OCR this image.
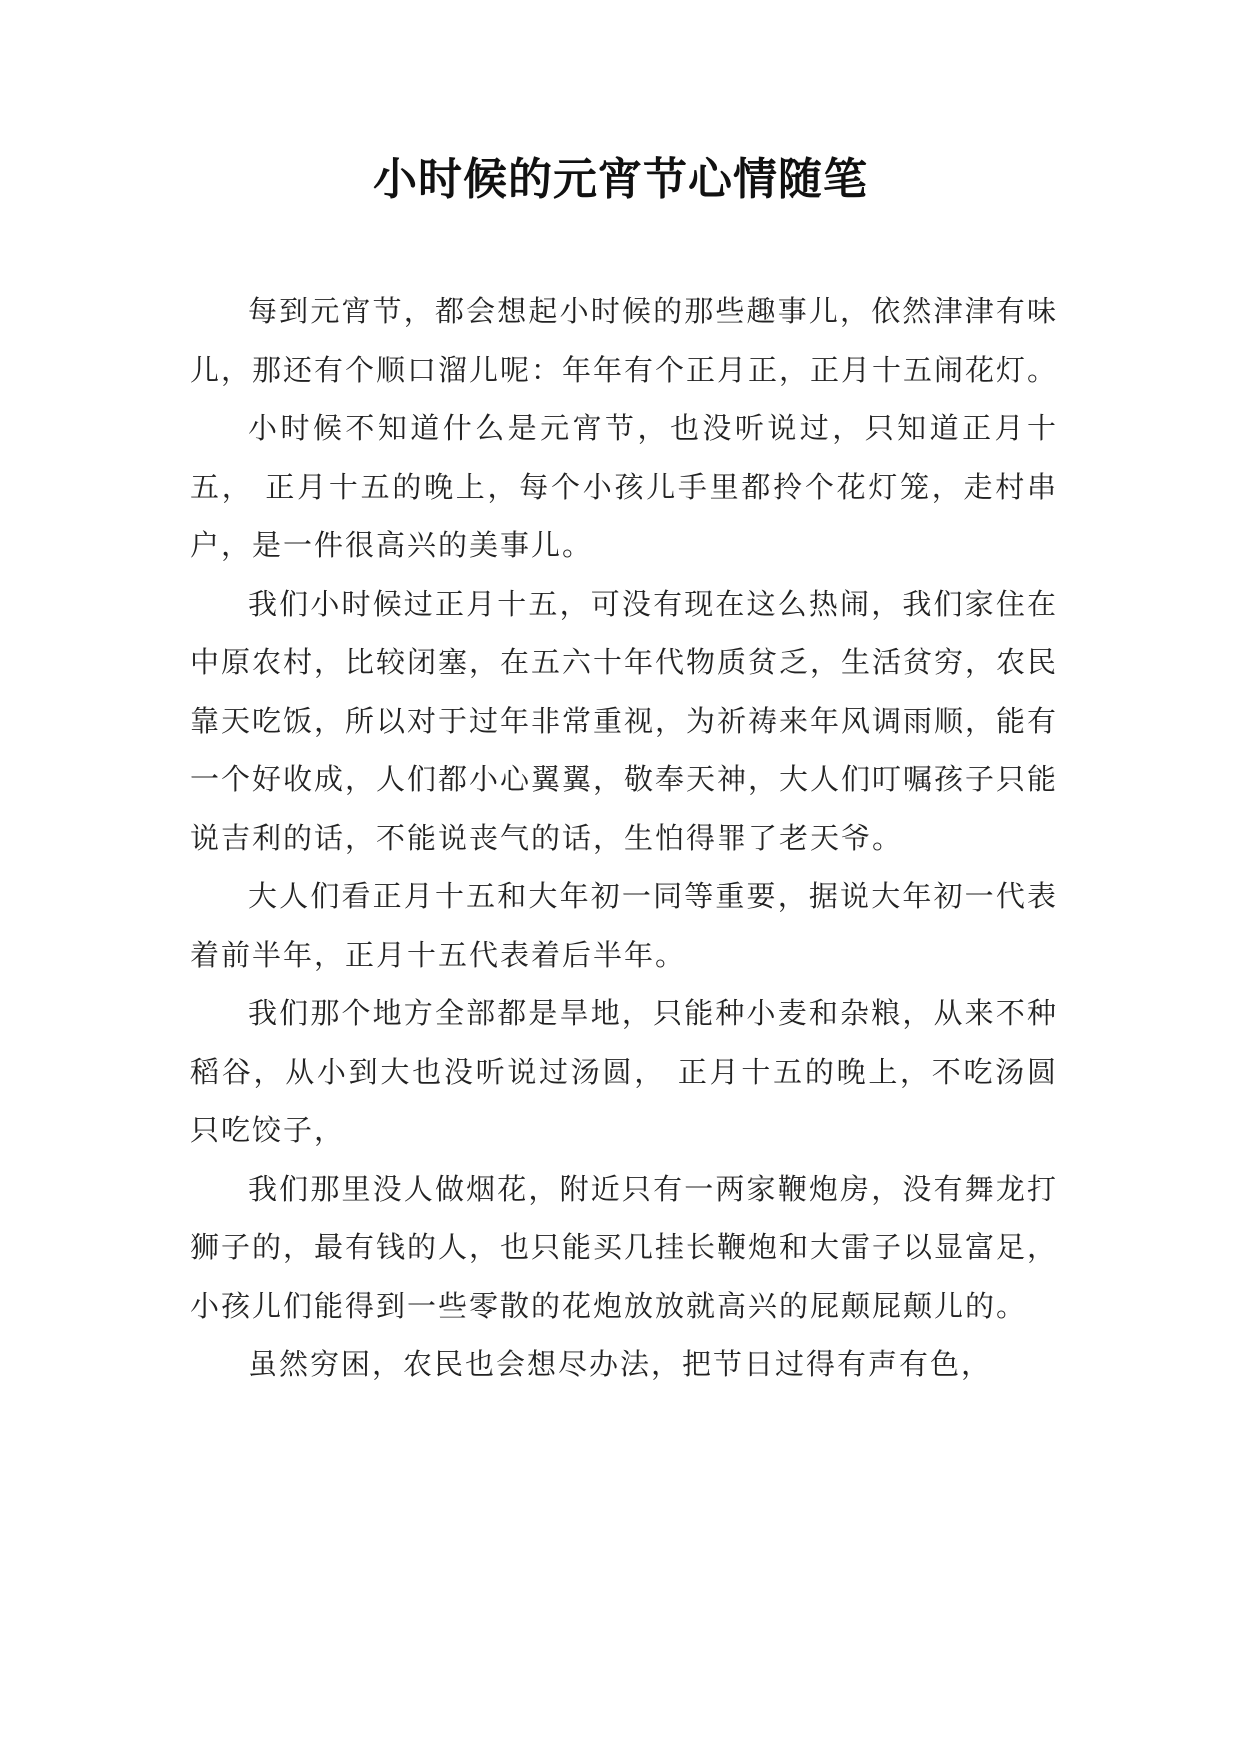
小时候的元宵节心情随笔

每到元宵节，都会想起小时候的那些趣事儿，依然津津有味儿，那还有个顺口溜儿呢：年年有个正月正，正月十五闹花灯。

小时候不知道什么是元宵节，也没听说过，只知道正月十五， 正月十五的晚上，每个小孩儿手里都拎个花灯笼，走村串户，是一件很高兴的美事儿。

我们小时候过正月十五，可没有现在这么热闹，我们家住在中原农村，比较闭塞，在五六十年代物质贫乏，生活贫穷，农民靠天吃饭，所以对于过年非常重视，为祈祷来年风调雨顺，能有一个好收成，人们都小心翼翼，敬奉天神，大人们叮嘱孩子只能说吉利的话，不能说丧气的话，生怕得罪了老天爷。

大人们看正月十五和大年初一同等重要，据说大年初一代表着前半年，正月十五代表着后半年。

我们那个地方全部都是旱地，只能种小麦和杂粮，从来不种稻谷，从小到大也没听说过汤圆， 正月十五的晚上，不吃汤圆只吃饺子，

我们那里没人做烟花，附近只有一两家鞭炮房，没有舞龙打狮子的，最有钱的人，也只能买几挂长鞭炮和大雷子以显富足，小孩儿们能得到一些零散的花炮放放就高兴的屁颠屁颠儿的。

虽然穷困，农民也会想尽办法，把节日过得有声有色，
